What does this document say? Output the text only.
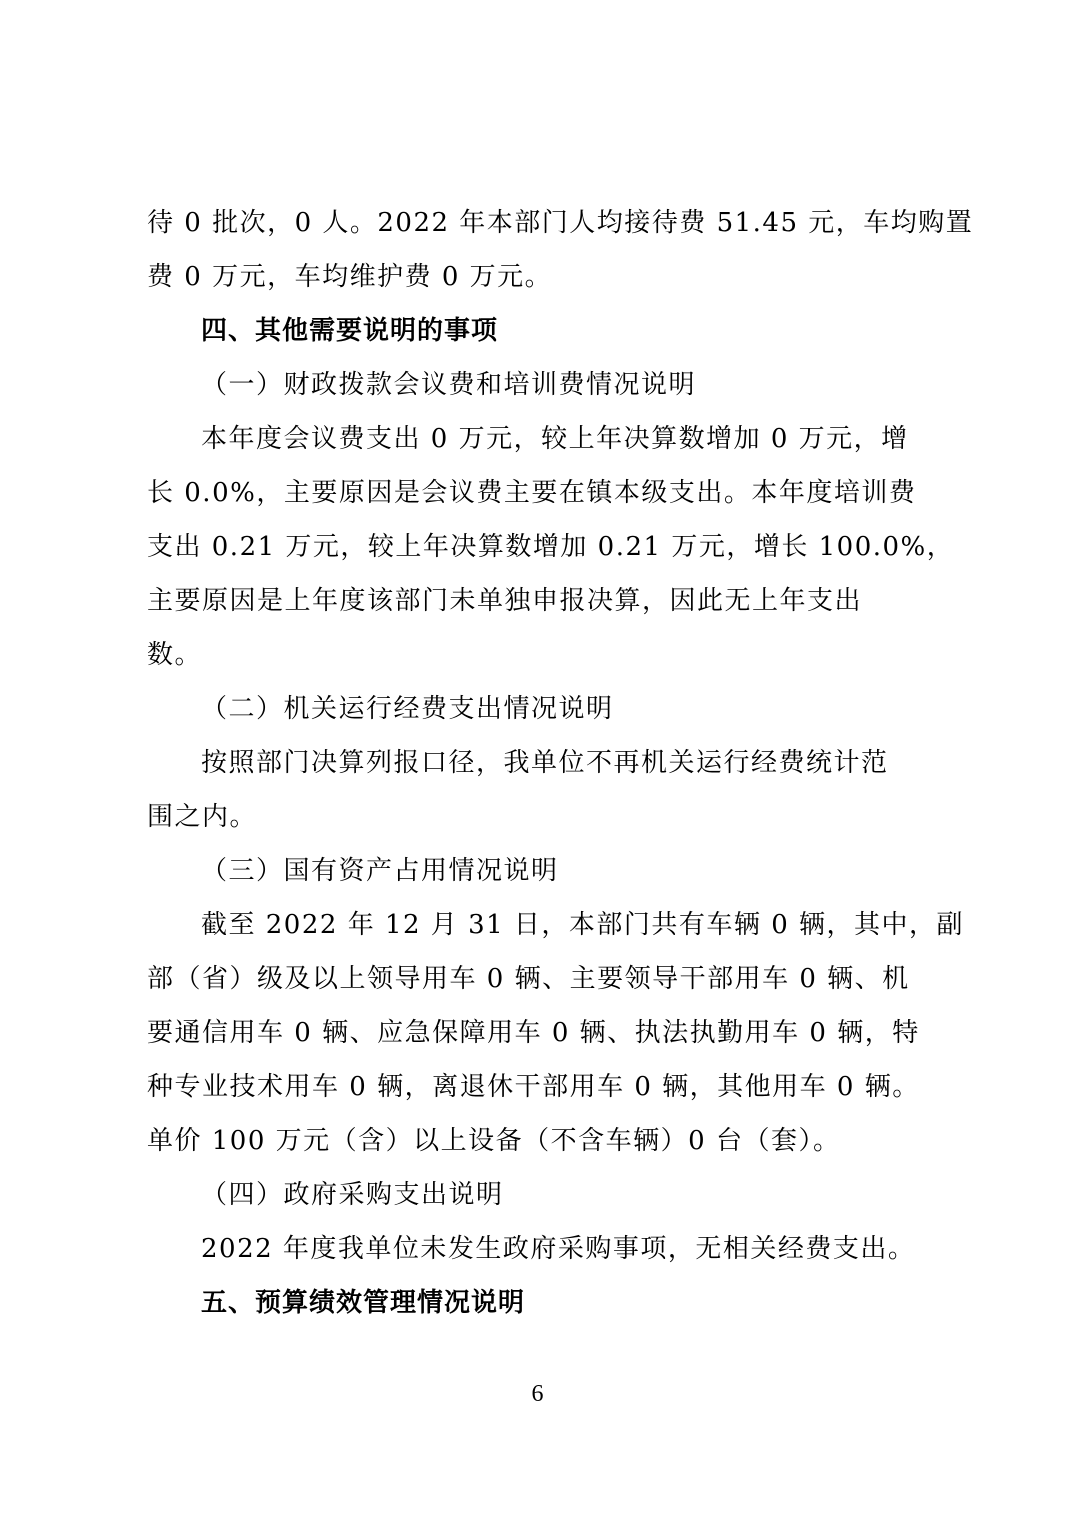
待 0 批次，0 人。2022 年本部门人均接待费 51.45 元，车均购置
费 0 万元，车均维护费 0 万元。
四、其他需要说明的事项
（一）财政拨款会议费和培训费情况说明
本年度会议费支出 0 万元，较上年决算数增加 0 万元，增
长 0.0%，主要原因是会议费主要在镇本级支出。本年度培训费
支出 0.21 万元，较上年决算数增加 0.21 万元，增长 100.0%，
主要原因是上年度该部门未单独申报决算，因此无上年支出
数。
（二）机关运行经费支出情况说明
按照部门决算列报口径，我单位不再机关运行经费统计范
围之内。
（三）国有资产占用情况说明
截至 2022 年 12 月 31 日，本部门共有车辆 0 辆，其中，副
部（省）级及以上领导用车 0 辆、主要领导干部用车 0 辆、机
要通信用车 0 辆、应急保障用车 0 辆、执法执勤用车 0 辆，特
种专业技术用车 0 辆，离退休干部用车 0 辆，其他用车 0 辆。
单价 100 万元（含）以上设备（不含车辆）0 台（套）。
（四）政府采购支出说明
2022 年度我单位未发生政府采购事项，无相关经费支出。
五、预算绩效管理情况说明
6
